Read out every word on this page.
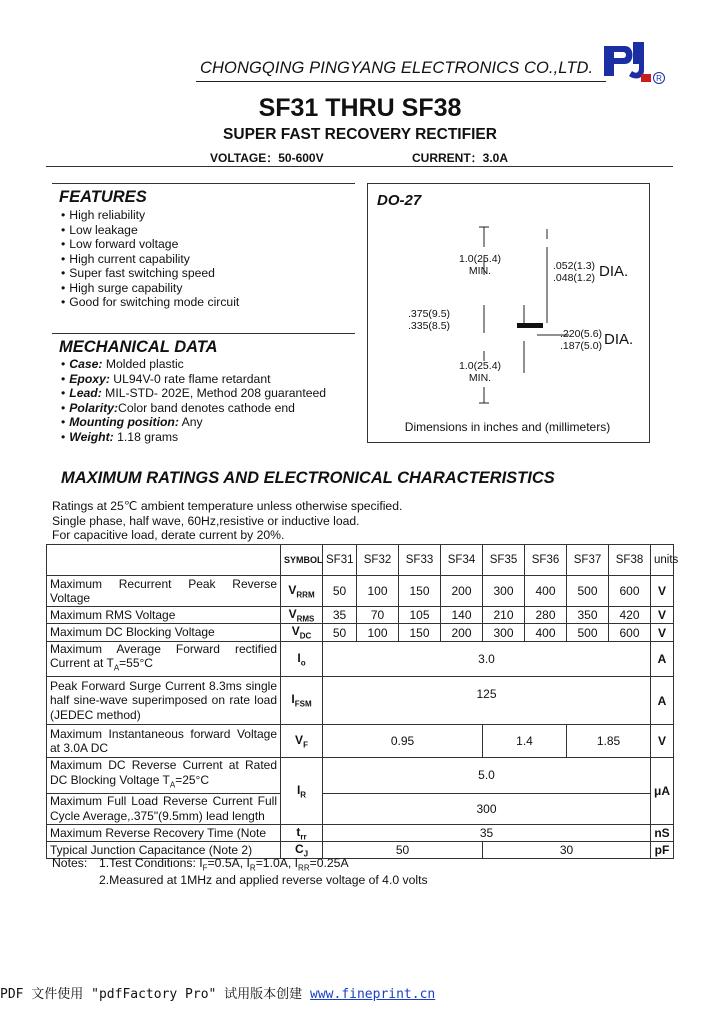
CHONGQING PINGYANG ELECTRONICS CO.,LTD.
R
SF31 THRU SF38
SUPER FAST RECOVERY RECTIFIER
VOLTAGE：50-600V	CURRENT：3.0A
FEATURES
• High reliability
• Low leakage
• Low forward voltage
• High current capability
• Super fast switching speed
• High surge capability
• Good for switching mode circuit
MECHANICAL DATA
• Case: Molded plastic
• Epoxy: UL94V-0 rate flame retardant
• Lead: MIL-STD- 202E, Method 208 guaranteed
• Polarity:Color band denotes cathode end
• Mounting position: Any
• Weight: 1.18 grams
DO-27
1.0(25.4)
MIN.	.052(1.3)
.048(1.2) DIA.
.375(9.5)
.335(8.5)
.220(5.6)
.187(5.0) DIA.
1.0(25.4)
MIN.
Dimensions in inches and (millimeters)
MAXIMUM RATINGS AND ELECTRONICAL CHARACTERISTICS
Ratings at 25℃ ambient temperature unless otherwise specified.
Single phase, half wave, 60Hz,resistive or inductive load.
For capacitive load, derate current by 20%.
	SYMBOL	SF31	SF32	SF33	SF34	SF35	SF36	SF37	SF38	units
Maximum Recurrent Peak Reverse Voltage	$V_{RRM}$	50	100	150	200	300	400	500	600	V
Maximum RMS Voltage	$V_{RMS}$	35	70	105	140	210	280	350	420	V
Maximum DC Blocking Voltage	$V_{DC}$	50	100	150	200	300	400	500	600	V
Maximum Average Forward rectified Current at $T_A=55^\circ C$	$I_o$	3.0								A
Peak Forward Surge Current 8.3ms single half sine-wave superimposed on rate load (JEDEC method)	$I_{FSM}$	125								A
Maximum Instantaneous forward Voltage at 3.0A DC	$V_F$	0.95				1.4		1.85		V
Maximum DC Reverse Current at Rated DC Blocking Voltage $T_A=25^\circ C$	$I_R$	5.0								μA
Maximum Full Load Reverse Current Full Cycle Average,.375"(9.5mm) lead length		300								
Maximum Reverse Recovery Time (Note	$t_{rr}$	35								nS
Typical Junction Capacitance (Note 2)	$C_J$	50				30				pF
Notes: 1.Test Conditions: $I_F=0.5A$, $I_R=1.0A$, $I_{RR}=0.25A$
2.Measured at 1MHz and applied reverse voltage of 4.0 volts
PDF 文件使用 "pdfFactory Pro" 试用版本创建 www.fineprint.cn
